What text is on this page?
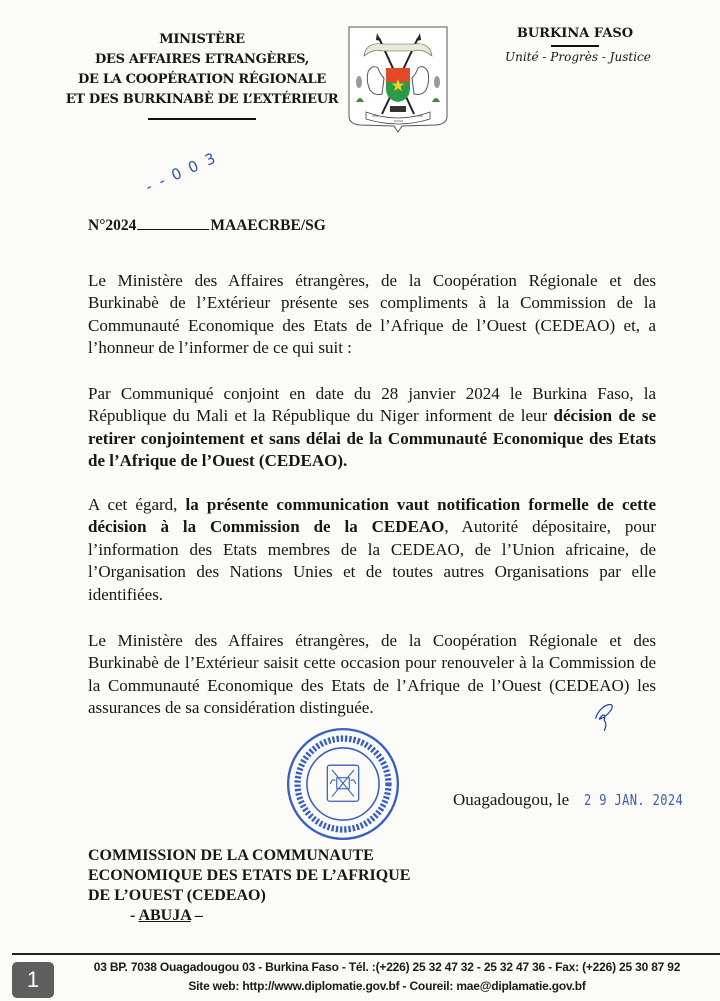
MINISTÈRE
DES AFFAIRES ETRANGÈRES,
DE LA COOPÉRATION RÉGIONALE
ET DES BURKINABÈ DE L’EXTÉRIEUR
BURKINA FASO
Unité - Progrès - Justice
N°2024	MAAECRBE/SG
- - 0 0 3
Le Ministère des Affaires étrangères, de la Coopération Régionale et des Burkinabè de l’Extérieur présente ses compliments à la Commission de la Communauté Economique des Etats de l’Afrique de l’Ouest (CEDEAO) et, a l’honneur de l’informer de ce qui suit :
Par Communiqué conjoint en date du 28 janvier 2024 le Burkina Faso, la République du Mali et la République du Niger informent de leur décision de se retirer conjointement et sans délai de la Communauté Economique des Etats de l’Afrique de l’Ouest (CEDEAO).
A cet égard, la présente communication vaut notification formelle de cette décision à la Commission de la CEDEAO, Autorité dépositaire, pour l’information des Etats membres de la CEDEAO, de l’Union africaine, de l’Organisation des Nations Unies et de toutes autres Organisations par elle identifiées.
Le Ministère des Affaires étrangères, de la Coopération Régionale et des Burkinabè de l’Extérieur saisit cette occasion pour renouveler à la Commission de la Communauté Economique des Etats de l’Afrique de l’Ouest (CEDEAO) les assurances de sa considération distinguée.
Ouagadougou, le 2 9 JAN. 2024
COMMISSION DE LA COMMUNAUTE
ECONOMIQUE DES ETATS DE L’AFRIQUE
DE L’OUEST (CEDEAO)
- ABUJA –
03 BP. 7038 Ouagadougou 03 - Burkina Faso - Tél. :(+226) 25 32 47 32 - 25 32 47 36 - Fax: (+226) 25 30 87 92
Site web: http://www.diplomatie.gov.bf - Coureil: mae@diplamatie.gov.bf
1
